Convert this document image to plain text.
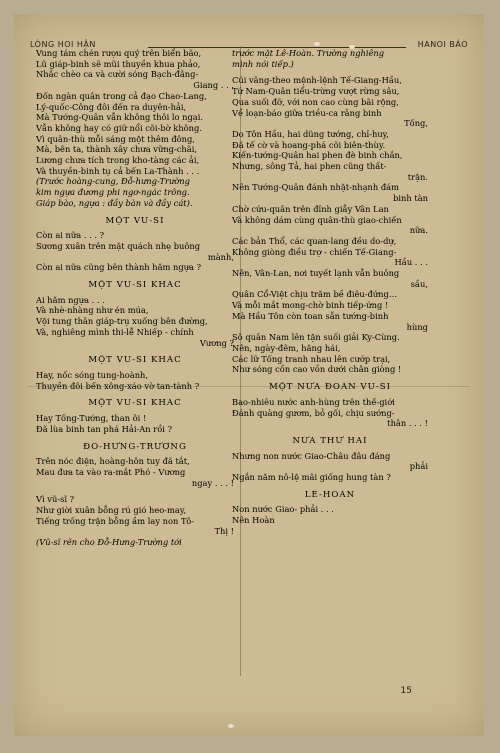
LÒNG HOI HẬN	HANOI BÁO
15
Vung tám chén rượu quý trên biển bão,
Lũ giáp-binh sẽ mũi thuyền khua phảo,
Nhắc chèo ca và cười sóng Bạch-đằng-
Giang . . .
Đốn ngàn quân trong cả đạo Chao-Lang,
Lý-quốc-Công đôi đến ra duyên-hải,
Mà Tướng-Quân vẫn không thôi lo ngại.
Vẫn không hay có giữ nổi cõi-bờ không.
Vì quân-thù mỗi sáng một thêm đông,
Mà, bên ta, thành xây chưa vững-chãi,
Lương chưa tích trong kho-tàng các ải,
Và thuyền-binh tụ cả bến La-Thành . . .
(Trước hoàng-cung, Đỗ-hưng-Trường
kim ngựa đương phi ngơ-ngác trông.
Giáp bào, ngựa : đầy bàn và đầy cát).
MỘT VŨ-SĨ
Còn ai nữa . . . ?
Sương xuân trên mặt quách nhẹ buông
mành,
Còn ai nữa cũng bên thành hăm ngựa ?
MỘT VŨ-SĨ KHÁC
Ai hăm ngựa . . .
Và nhè-nhàng như én múa,
Vội tung thân giáp-trụ xuống bên đường,
Và, nghiêng mình thi-lễ Nhiếp - chính
Vương ?
MỘT VŨ-SĨ KHÁC
Hay, nốc sóng tung-hoành,
Thuyền đôi bến xông-xáo vờ tan-tành ?
MỘT VŨ-SĨ KHÁC
Hay Tống-Tướng, than ôi !
Đã lùa binh tan phá Hải-An rồi ?
ĐỖ-HƯNG-TRƯỜNG
Trên nóc điện, hoàng-hôn tuy đã tắt,
Mau đưa ta vào ra-mắt Phó - Vương
ngay . . . !
Vì vũ-sĩ ?
Như giời xuân bỗng rú gió heo-may,
Tiếng trống trận bỗng ầm lay non Tô-
Thị !
(Vũ-sĩ rẽn cho Đỗ-Hưng-Trường tới
trước mặt Lê-Hoàn. Trường nghiêng
mình nói tiếp.)
Cúi vâng-theo mệnh-lệnh Tế-Giang-Hầu,
Tứ Nam-Quân tiểu-trừng vượt rừng sâu,
Qua suối đỡ, với non cao cùng bãi rộng,
Về loạn-báo giữa triều-ca rằng binh
Tống,
Do Tôn Hầu, hai dũng tướng, chỉ-huy,
Đã tế cờ và hoang-phá cõi biên-thùy.
Kiến-tướng-Quân hai phen đè binh chắn,
Nhưng, sông Tả, hai phen cũng thất-
trận.
Nên Tướng-Quân đánh nhặt-nhạnh đám
binh tàn
Chờ cứu-quân trên đỉnh giẫy Vân Lan
Và không dám cùng quân-thù giao-chiến
nữa.
Các bản Thổ, các quan-lang đều do-dự,
Không giòng điều trợ - chiến Tế-Giang-
Hầu . . .
Nên, Vân-Lan, nơi tuyết lạnh vẫn buông
sầu,
Quân Cổ-Việt chịu trăm bề điêu-đứng…
Và mỗi mắt mong-chờ binh tiếp-ứng !
Mà Hầu Tôn còn toan sẵn tướng-binh
hùng
Sô quân Nam lên tận suối giải Ky-Cùng.
Nên, ngày-đêm, hăng hái,
Các lữ Tống tranh nhau lên cướp trại,
Như sóng cồn cao vồn dưới chân giòng !
MỘT NỬA ĐOÀN VŨ-SĨ
Bao-nhiêu nước anh-hùng trên thế-giới
Đánh quàng gươm, bỏ gối, chịu sướng-
thân . . . !
NỬA THỨ HAI
Nhưng non nước Giao-Châu đâu đáng
phải
Ngắn năm nô-lệ mãi giống hung tàn ?
LÊ-HOÀN
Non nước Giao- phải . . .
Nên Hoàn
